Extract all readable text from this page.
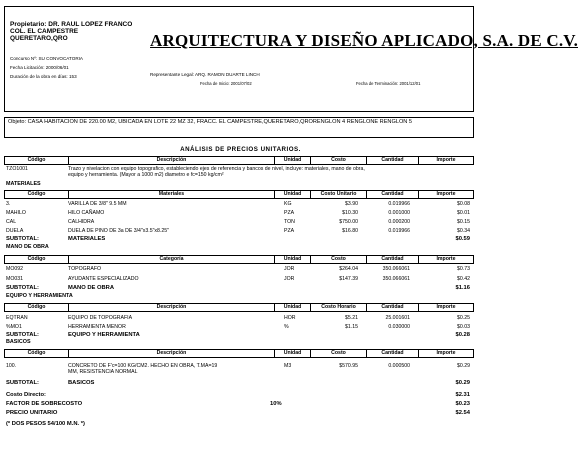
Propietario: DR. RAUL LOPEZ FRANCO
COL. EL CAMPESTRE
QUERETARO,QRO	ARQUITECTURA Y DISEÑO APLICADO, S.A. DE C.V.
Concurso Nº: SU CONVOCATORIA
Fecha Licitación: 2000/06/01
Duración de la obra en días: 153	Representante Legal: ARQ. RAMON DUARTE LINCH
Fecha de Inicio: 2001/07/02	Fecha de Terminación: 2001/12/01
Objeto: CASA HABITACION DE 220.00 M2, UBICADA EN LOTE 22 MZ 32, FRACC. EL CAMPESTRE,QUERETARO,QRORENGLON 4 RENGLONE RENGLON 5
ANÁLISIS DE PRECIOS UNITARIOS.
Código	Descripción	Unidad	Costo	Cantidad	Importe
TZO1001	Trazo y nivelacion con equipo topografico, estableciendo ejes de referencia y bancos de nivel, incluye: materiales, mano de obra,
equipo y herramienta. (Mayor a 1000 m2) diametro e fc=150 kg/cm²
MATERIALES
Código	Materiales	Unidad	Costo Unitario	Cantidad	Importe
3.	VARILLA DE 3/8" 9.5 MM	KG	$3.90	0.019966	$0.08
MAHILO	HILO CAÑAMO	PZA	$10.30	0.001000	$0.01
CAL	CALHIDRA	TON	$750.00	0.000200	$0.15
DUELA	DUELA DE PINO DE 3a DE 3/4"x3.5"x8.25"	PZA	$16.80	0.019966	$0.34
SUBTOTAL:	MATERIALES	$0.59
MANO DE OBRA
Código	Categoría	Unidad	Costo	Cantidad	Importe
MO092	TOPOGRAFO	JOR	$264.04	350.066061	$0.73
MO031	AYUDANTE ESPECIALIZADO	JOR	$147.39	350.066061	$0.42
SUBTOTAL:	MANO DE OBRA	$1.16
EQUIPO Y HERRAMIENTA
Código	Descripción	Unidad	Costo Horario	Cantidad	Importe
EQTRAN	EQUIPO DE TOPOGRAFIA	HOR	$5.21	25.001601	$0.25
%MO1	HERRAMIENTA MENOR	%	$1.15	0.030000	$0.03
SUBTOTAL:	EQUIPO Y HERRAMIENTA	$0.28
BASICOS
Código	Descripción	Unidad	Costo	Cantidad	Importe
100.	CONCRETO DE F'c=100 KG/CM2. HECHO EN OBRA, T.MA=19
MM, RESISTENCIA NORMAL
M3	$570.95	0.000500	$0.29
SUBTOTAL:	BASICOS	$0.29
Costo Directo:	$2.31
FACTOR DE SOBRECOSTO	10%	$0.23
PRECIO UNITARIO	$2.54
(* DOS PESOS 54/100 M.N. *)
